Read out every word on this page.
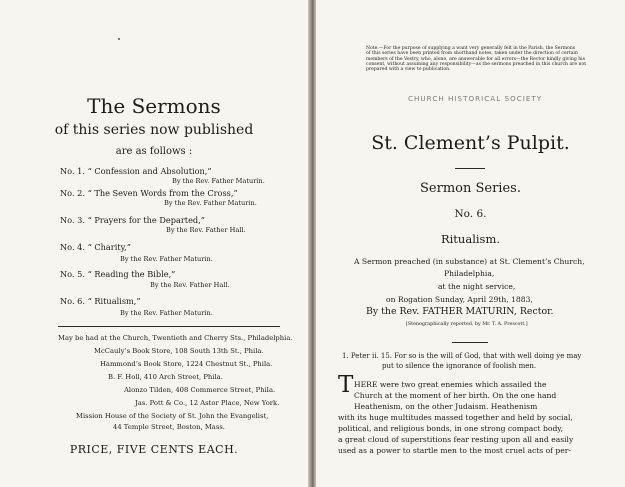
The Sermons
of this series now published
are as follows :
No. 1. “ Confession and Absolution,”
By the Rev. Father Maturin.
No. 2. “ The Seven Words from the Cross,”
By the Rev. Father Maturin.
No. 3. “ Prayers for the Departed,”
By the Rev. Father Hall.
No. 4. “ Charity,”
By the Rev. Father Maturin.
No. 5. “ Reading the Bible,”
By the Rev. Father Hall.
No. 6. “ Ritualism,”
By the Rev. Father Maturin.
May be had at the Church, Twentieth and Cherry Sts., Philadelphia.
McCauly’s Book Store, 108 South 13th St., Phila.
Hammond’s Book Store, 1224 Chestnut St., Phila.
B. F. Holl, 410 Arch Street, Phila.
Alonzo Tilden, 408 Commerce Street, Phila.
Jas. Pott & Co., 12 Astor Place, New York.
Mission House of the Society of St. John the Evangelist,
44 Temple Street, Boston, Mass.
PRICE, FIVE CENTS EACH.
Note.—For the purpose of supplying a want very generally felt in the Parish, the Sermons
of this series have been printed from shorthand notes, taken under the direction of certain
members of the Vestry, who, alone, are answerable for all errors—the Rector kindly giving his
consent, without assuming any responsibility—as the sermons preached in this church are not
prepared with a view to publication.
CHURCH HISTORICAL SOCIETY
St. Clement’s Pulpit.
Sermon Series.
No. 6.
Ritualism.
A Sermon preached (in substance) at St. Clement’s Church,
Philadelphia,
at the night service,
on Rogation Sunday, April 29th, 1883,
By the Rev. FATHER MATURIN, Rector.
[Stenographically reported, by Mr. T. A. Prescott.]
1. Peter ii. 15. For so is the will of God, that with well doing ye may
put to silence the ignorance of foolish men.
T HERE were two great enemies which assailed the
Church at the moment of her birth. On the one hand
Heathenism, on the other Judaism. Heathenism
with its huge multitudes massed together and held by social,
political, and religious bonds, in one strong compact body,
a great cloud of superstitions fear resting upon all and easily
used as a power to startle men to the most cruel acts of per-
